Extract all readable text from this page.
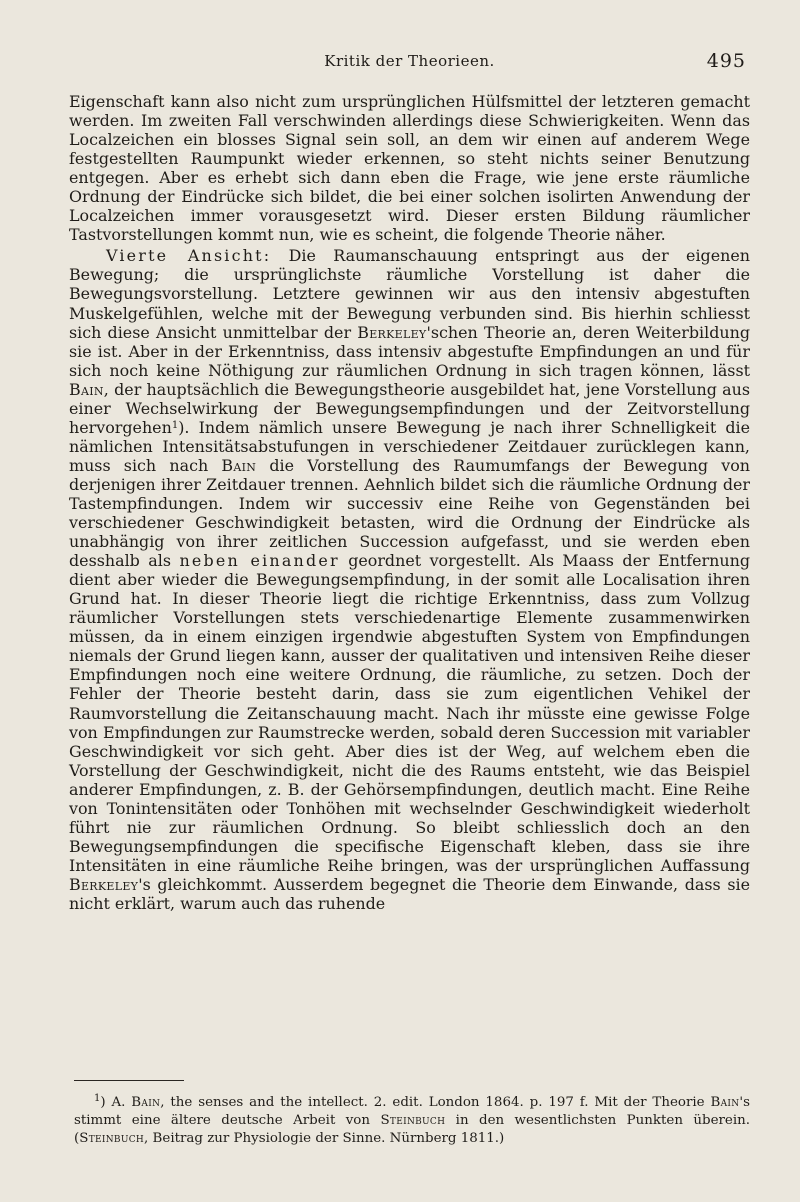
Kritik der Theorieen.	495

Eigenschaft kann also nicht zum ursprünglichen Hülfsmittel der letzteren gemacht werden. Im zweiten Fall verschwinden allerdings diese Schwierigkeiten. Wenn das Localzeichen ein blosses Signal sein soll, an dem wir einen auf anderem Wege festgestellten Raumpunkt wieder erkennen, so steht nichts seiner Benutzung entgegen. Aber es erhebt sich dann eben die Frage, wie jene erste räumliche Ordnung der Eindrücke sich bildet, die bei einer solchen isolirten Anwendung der Localzeichen immer vorausgesetzt wird. Dieser ersten Bildung räumlicher Tastvorstellungen kommt nun, wie es scheint, die folgende Theorie näher.

Vierte Ansicht: Die Raumanschauung entspringt aus der eigenen Bewegung; die ursprünglichste räumliche Vorstellung ist daher die Bewegungsvorstellung. Letztere gewinnen wir aus den intensiv abgestuften Muskelgefühlen, welche mit der Bewegung verbunden sind. Bis hierhin schliesst sich diese Ansicht unmittelbar der Berkeley'schen Theorie an, deren Weiterbildung sie ist. Aber in der Erkenntniss, dass intensiv abgestufte Empfindungen an und für sich noch keine Nöthigung zur räumlichen Ordnung in sich tragen können, lässt Bain, der hauptsächlich die Bewegungstheorie ausgebildet hat, jene Vorstellung aus einer Wechselwirkung der Bewegungsempfindungen und der Zeitvorstellung hervorgehen$^1$). Indem nämlich unsere Bewegung je nach ihrer Schnelligkeit die nämlichen Intensitätsabstufungen in verschiedener Zeitdauer zurücklegen kann, muss sich nach Bain die Vorstellung des Raumumfangs der Bewegung von derjenigen ihrer Zeitdauer trennen. Aehnlich bildet sich die räumliche Ordnung der Tastempfindungen. Indem wir successiv eine Reihe von Gegenständen bei verschiedener Geschwindigkeit betasten, wird die Ordnung der Eindrücke als unabhängig von ihrer zeitlichen Succession aufgefasst, und sie werden eben desshalb als neben einander geordnet vorgestellt. Als Maass der Entfernung dient aber wieder die Bewegungsempfindung, in der somit alle Localisation ihren Grund hat. In dieser Theorie liegt die richtige Erkenntniss, dass zum Vollzug räumlicher Vorstellungen stets verschiedenartige Elemente zusammenwirken müssen, da in einem einzigen irgendwie abgestuften System von Empfindungen niemals der Grund liegen kann, ausser der qualitativen und intensiven Reihe dieser Empfindungen noch eine weitere Ordnung, die räumliche, zu setzen. Doch der Fehler der Theorie besteht darin, dass sie zum eigentlichen Vehikel der Raumvorstellung die Zeitanschauung macht. Nach ihr müsste eine gewisse Folge von Empfindungen zur Raumstrecke werden, sobald deren Succession mit variabler Geschwindigkeit vor sich geht. Aber dies ist der Weg, auf welchem eben die Vorstellung der Geschwindigkeit, nicht die des Raums entsteht, wie das Beispiel anderer Empfindungen, z. B. der Gehörsempfindungen, deutlich macht. Eine Reihe von Tonintensitäten oder Tonhöhen mit wechselnder Geschwindigkeit wiederholt führt nie zur räumlichen Ordnung. So bleibt schliesslich doch an den Bewegungsempfindungen die specifische Eigenschaft kleben, dass sie ihre Intensitäten in eine räumliche Reihe bringen, was der ursprünglichen Auffassung Berkeley's gleichkommt. Ausserdem begegnet die Theorie dem Einwande, dass sie nicht erklärt, warum auch das ruhende

$^1$) A. Bain, the senses and the intellect. 2. edit. London 1864. p. 197 f. Mit der Theorie Bain's stimmt eine ältere deutsche Arbeit von Steinbuch in den wesentlichsten Punkten überein. (Steinbuch, Beitrag zur Physiologie der Sinne. Nürnberg 1811.)
